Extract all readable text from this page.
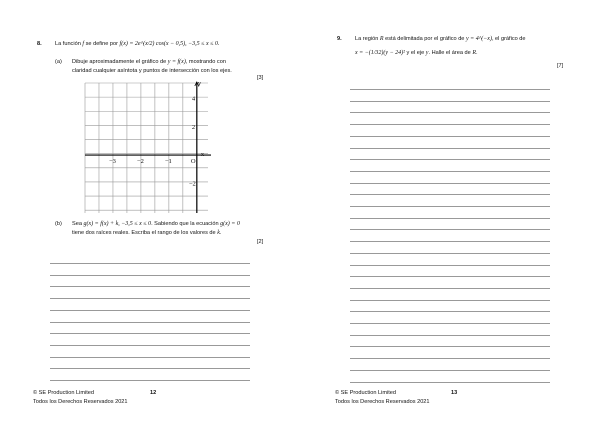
8. La función f se define por f(x) = 2e^(x/2) cos(x − 0,5), −3,5 ≤ x ≤ 0.
(a) Dibuje aproximadamente el gráfico de y = f(x), mostrando con
claridad cualquier asíntota y puntos de intersección con los ejes.
[3]
−3	−2	−1
4
2
−2
O
x
y
(b) Sea g(x) = f(x) + k, −3,5 ≤ x ≤ 0. Sabiendo que la ecuación g(x) = 0
tiene dos raíces reales. Escriba el rango de los valores de k.
[2]
© SE Production Limited
Todos los Derechos Reservados 2021
12
9. La región R está delimitada por el gráfico de y = 4^(−x), el gráfico de
x = −(1/32)(y − 24)² y el eje y. Halle el área de R.
[7]
© SE Production Limited
Todos los Derechos Reservados 2021
13
